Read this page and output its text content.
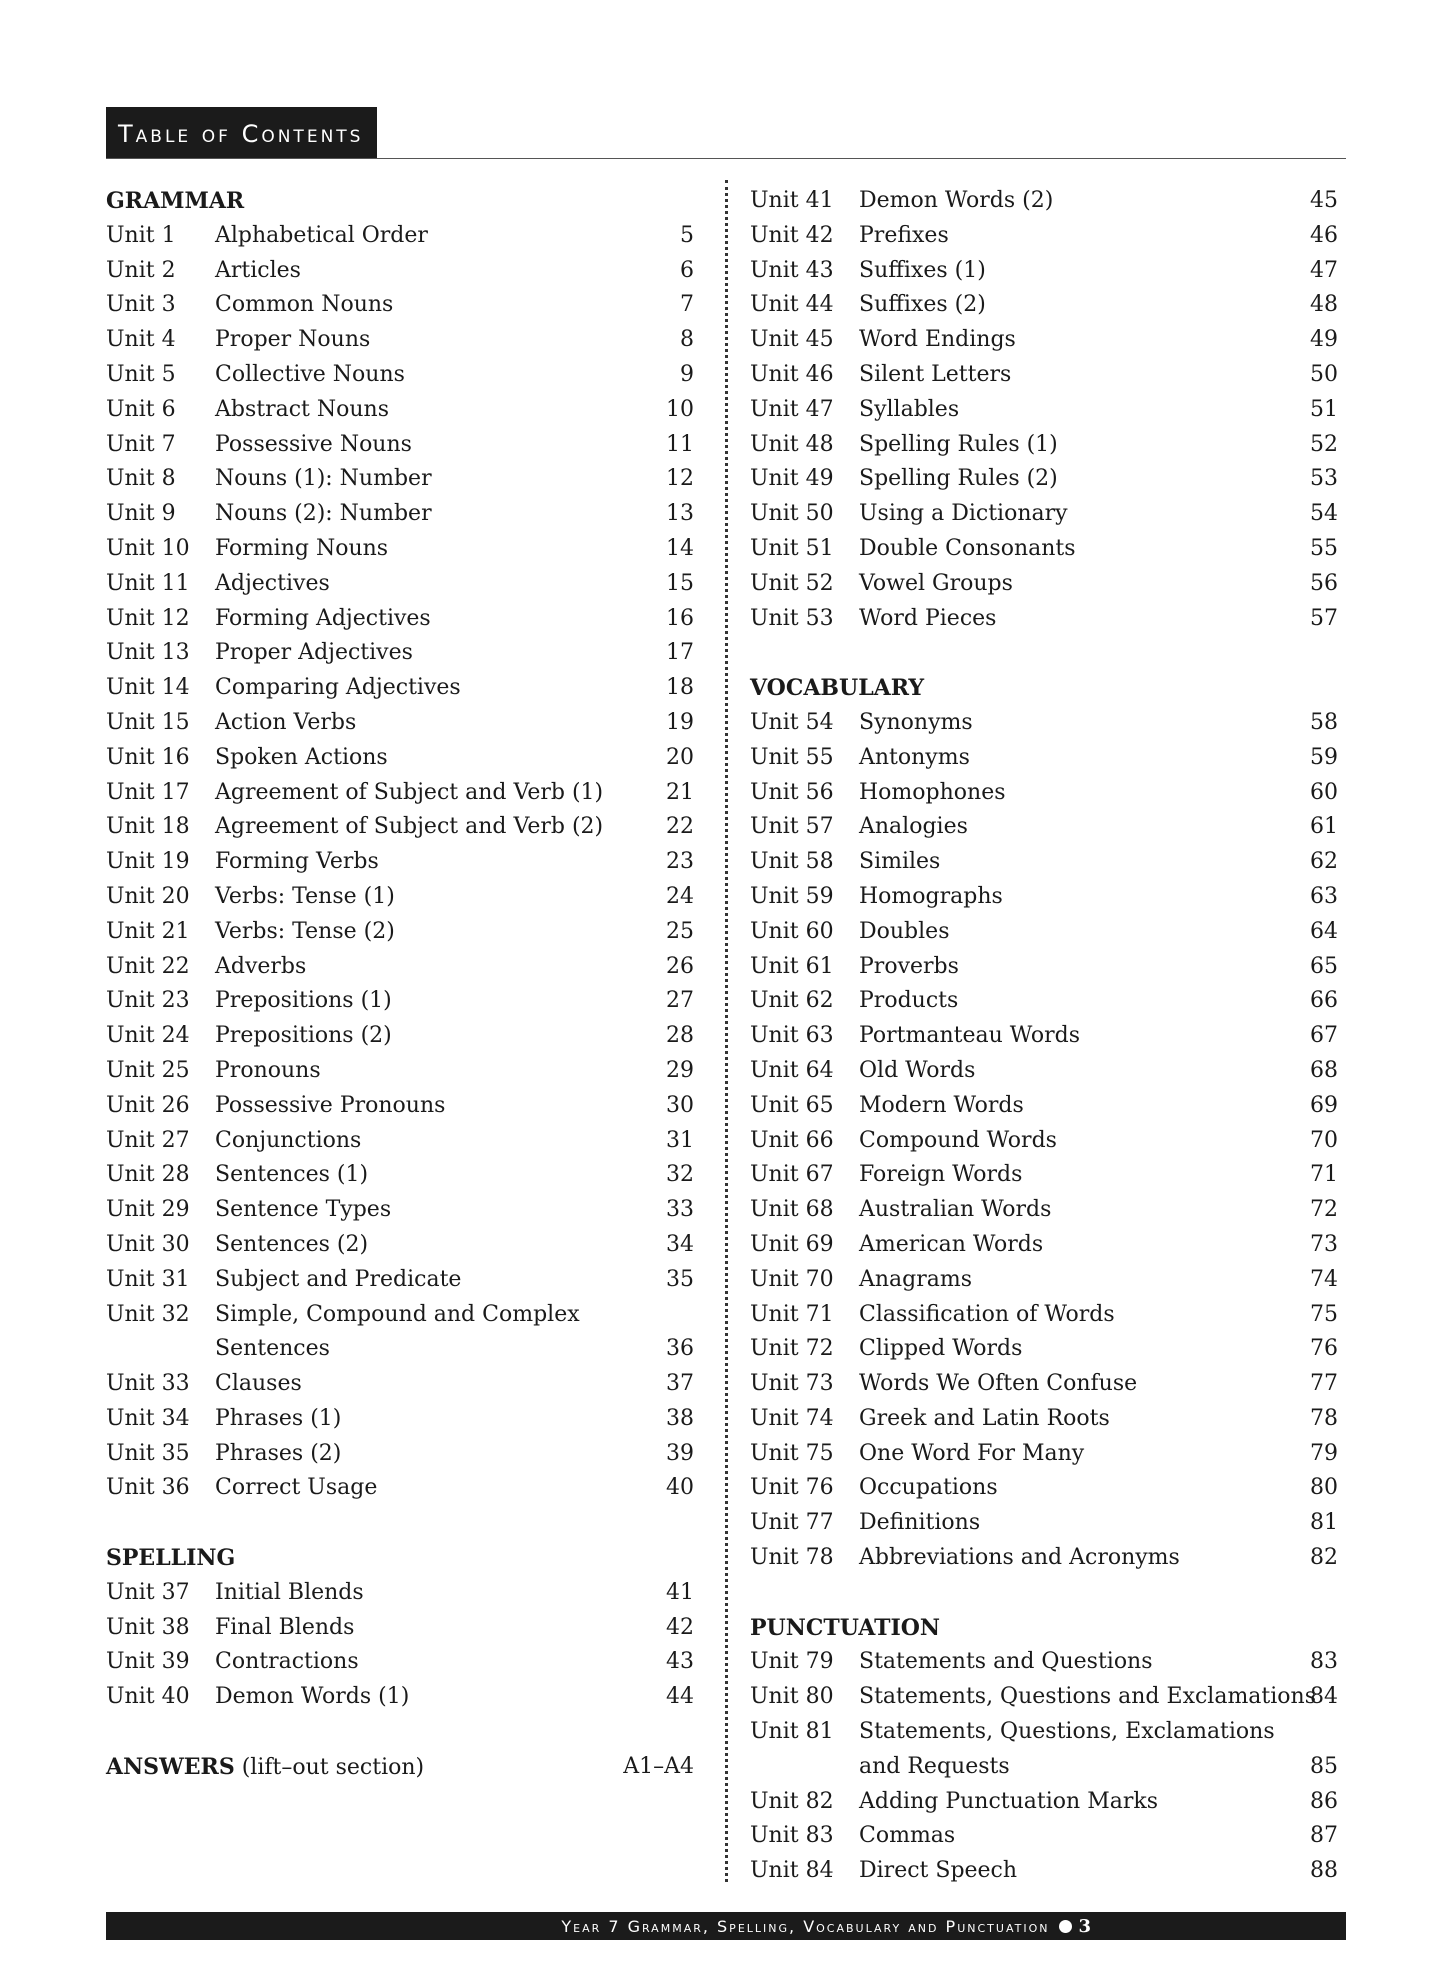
Table of Contents
GRAMMAR
Unit 1 Alphabetical Order	5
Unit 2 Articles	6
Unit 3 Common Nouns	7
Unit 4 Proper Nouns	8
Unit 5 Collective Nouns	9
Unit 6 Abstract Nouns	10
Unit 7 Possessive Nouns	11
Unit 8 Nouns (1): Number	12
Unit 9 Nouns (2): Number	13
Unit 10 Forming Nouns	14
Unit 11 Adjectives	15
Unit 12 Forming Adjectives	16
Unit 13 Proper Adjectives	17
Unit 14 Comparing Adjectives	18
Unit 15 Action Verbs	19
Unit 16 Spoken Actions	20
Unit 17 Agreement of Subject and Verb (1)	21
Unit 18 Agreement of Subject and Verb (2)	22
Unit 19 Forming Verbs	23
Unit 20 Verbs: Tense (1)	24
Unit 21 Verbs: Tense (2)	25
Unit 22 Adverbs	26
Unit 23 Prepositions (1)	27
Unit 24 Prepositions (2)	28
Unit 25 Pronouns	29
Unit 26 Possessive Pronouns	30
Unit 27 Conjunctions	31
Unit 28 Sentences (1)	32
Unit 29 Sentence Types	33
Unit 30 Sentences (2)	34
Unit 31 Subject and Predicate	35
Unit 32 Simple, Compound and Complex
Sentences	36
Unit 33 Clauses	37
Unit 34 Phrases (1)	38
Unit 35 Phrases (2)	39
Unit 36 Correct Usage	40
SPELLING
Unit 37 Initial Blends	41
Unit 38 Final Blends	42
Unit 39 Contractions	43
Unit 40 Demon Words (1)	44
ANSWERS (lift–out section)	A1–A4
Unit 41 Demon Words (2)	45
Unit 42 Prefixes	46
Unit 43 Suffixes (1)	47
Unit 44 Suffixes (2)	48
Unit 45 Word Endings	49
Unit 46 Silent Letters	50
Unit 47 Syllables	51
Unit 48 Spelling Rules (1)	52
Unit 49 Spelling Rules (2)	53
Unit 50 Using a Dictionary	54
Unit 51 Double Consonants	55
Unit 52 Vowel Groups	56
Unit 53 Word Pieces	57
VOCABULARY
Unit 54 Synonyms	58
Unit 55 Antonyms	59
Unit 56 Homophones	60
Unit 57 Analogies	61
Unit 58 Similes	62
Unit 59 Homographs	63
Unit 60 Doubles	64
Unit 61 Proverbs	65
Unit 62 Products	66
Unit 63 Portmanteau Words	67
Unit 64 Old Words	68
Unit 65 Modern Words	69
Unit 66 Compound Words	70
Unit 67 Foreign Words	71
Unit 68 Australian Words	72
Unit 69 American Words	73
Unit 70 Anagrams	74
Unit 71 Classification of Words	75
Unit 72 Clipped Words	76
Unit 73 Words We Often Confuse	77
Unit 74 Greek and Latin Roots	78
Unit 75 One Word For Many	79
Unit 76 Occupations	80
Unit 77 Definitions	81
Unit 78 Abbreviations and Acronyms	82
PUNCTUATION
Unit 79 Statements and Questions	83
Unit 80 Statements, Questions and Exclamations
84
Unit 81 Statements, Questions, Exclamations
and Requests	85
Unit 82 Adding Punctuation Marks	86
Unit 83 Commas	87
Unit 84 Direct Speech	88
Year 7 Grammar, Spelling, Vocabulary and Punctuation 3
